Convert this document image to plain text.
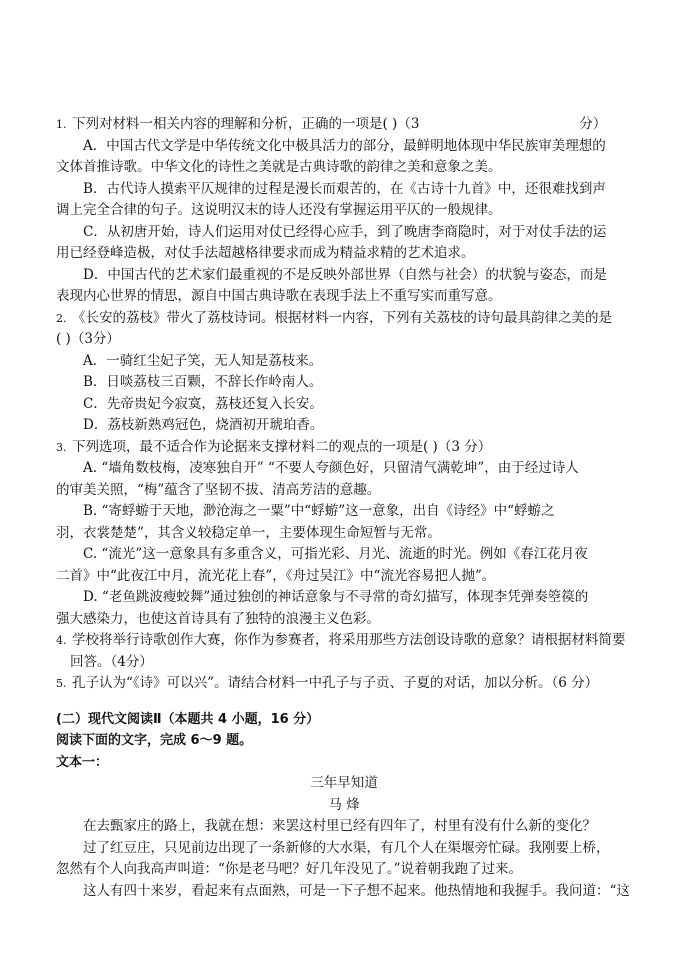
1. 下列对材料一相关内容的理解和分析，正确的一项是( )（3	分）
A．中国古代文学是中华传统文化中极具活力的部分，最鲜明地体现中华民族审美理想的
文体首推诗歌。中华文化的诗性之美就是古典诗歌的韵律之美和意象之美。
B．古代诗人摸索平仄规律的过程是漫长而艰苦的，在《古诗十九首》中，还很难找到声
调上完全合律的句子。这说明汉末的诗人还没有掌握运用平仄的一般规律。
C．从初唐开始，诗人们运用对仗已经得心应手，到了晚唐李商隐时，对于对仗手法的运
用已经登峰造极，对仗手法超越格律要求而成为精益求精的艺术追求。
D．中国古代的艺术家们最重视的不是反映外部世界（自然与社会）的状貌与姿态，而是
表现内心世界的情思，源自中国古典诗歌在表现手法上不重写实而重写意。
2. 《长安的荔枝》带火了荔枝诗词。根据材料一内容，下列有关荔枝的诗句最具韵律之美的是
( )（3分）
A．一骑红尘妃子笑，无人知是荔枝来。
B．日啖荔枝三百颗，不辞长作岭南人。
C．先帝贵妃今寂寞，荔枝还复入长安。
D．荔枝新熟鸡冠色，烧酒初开琥珀香。
3. 下列选项，最不适合作为论据来支撑材料二的观点的一项是( )（3 分）
A. “墙角数枝梅，凌寒独自开” “不要人夸颜色好，只留清气满乾坤”，由于经过诗人
的审美关照，“梅”蕴含了坚韧不拔、清高芳洁的意趣。
B. “寄蜉蝣于天地，渺沧海之一粟”中“蜉蝣”这一意象，出自《诗经》中“蜉蝣之
羽，衣裳楚楚”，其含义较稳定单一，主要体现生命短暂与无常。
C. “流光”这一意象具有多重含义，可指光彩、月光、流逝的时光。例如《春江花月夜
二首》中“此夜江中月，流光花上春”，《舟过吴江》中“流光容易把人抛”。
D. “老鱼跳波瘦蛟舞”通过独创的神话意象与不寻常的奇幻描写，体现李凭弹奏箜篌的
强大感染力，也使这首诗具有了独特的浪漫主义色彩。
4. 学校将举行诗歌创作大赛，你作为参赛者，将采用那些方法创设诗歌的意象？请根据材料简要
回答。（4分）
5. 孔子认为“《诗》可以兴”。请结合材料一中孔子与子贡、子夏的对话，加以分析。（6 分）
(二）现代文阅读Ⅱ（本题共 4 小题，16 分）
阅读下面的文字，完成 6～9 题。
文本一：
三年早知道
马 烽
在去甄家庄的路上，我就在想：来罢这村里已经有四年了，村里有没有什么新的变化？
过了红豆庄，只见前边出现了一条新修的大水渠，有几个人在渠堰旁忙碌。我刚要上桥，
忽然有个人向我高声叫道：“你是老马吧？好几年没见了。”说着朝我跑了过来。
这人有四十来岁，看起来有点面熟，可是一下子想不起来。他热情地和我握手。我问道：“这
